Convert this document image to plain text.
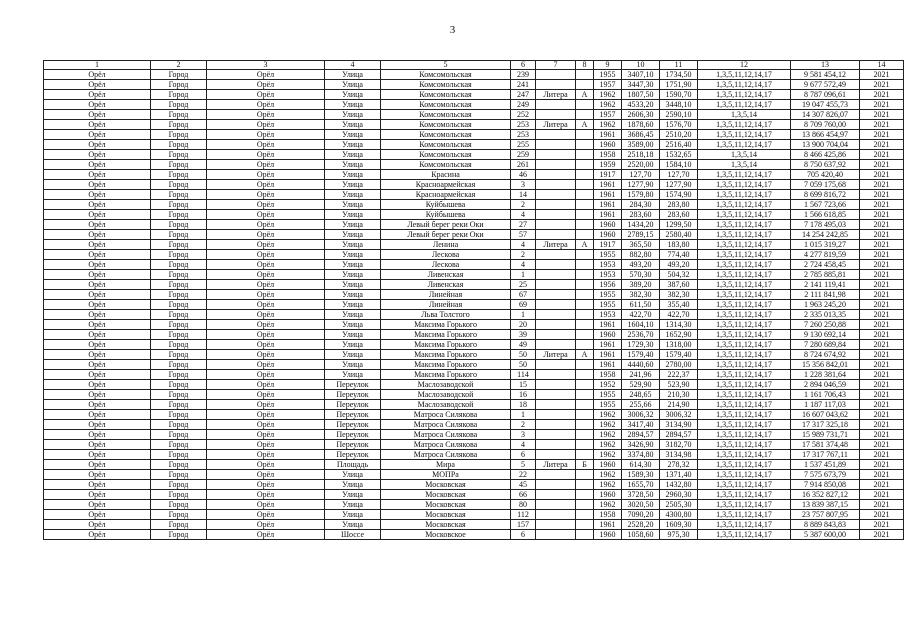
3
1	2	3	4	5	6	7	8	9	10	11	12	13	14
Орёл	Город	Орёл	Улица	Комсомольская	239			1955	3407,10	1734,50	1,3,5,11,12,14,17	9 581 454,12	2021
Орёл	Город	Орёл	Улица	Комсомольская	241			1957	3447,30	1751,90	1,3,5,11,12,14,17	9 677 572,49	2021
Орёл	Город	Орёл	Улица	Комсомольская	247	Литера	А	1962	1807,50	1590,70	1,3,5,11,12,14,17	8 787 096,61	2021
Орёл	Город	Орёл	Улица	Комсомольская	249			1962	4533,20	3448,10	1,3,5,11,12,14,17	19 047 455,73	2021
Орёл	Город	Орёл	Улица	Комсомольская	252			1957	2606,30	2590,10	1,3,5,14	14 307 826,07	2021
Орёл	Город	Орёл	Улица	Комсомольская	253	Литера	А	1962	1878,60	1576,70	1,3,5,11,12,14,17	8 709 760,00	2021
Орёл	Город	Орёл	Улица	Комсомольская	253			1961	3686,45	2510,20	1,3,5,11,12,14,17	13 866 454,97	2021
Орёл	Город	Орёл	Улица	Комсомольская	255			1960	3589,00	2516,40	1,3,5,11,12,14,17	13 900 704,04	2021
Орёл	Город	Орёл	Улица	Комсомольская	259			1958	2518,18	1532,65	1,3,5,14	8 466 425,86	2021
Орёл	Город	Орёл	Улица	Комсомольская	261			1959	2520,00	1584,10	1,3,5,14	8 750 637,92	2021
Орёл	Город	Орёл	Улица	Красина	46			1917	127,70	127,70	1,3,5,11,12,14,17	705 420,40	2021
Орёл	Город	Орёл	Улица	Красноармейская	3			1961	1277,90	1277,90	1,3,5,11,12,14,17	7 059 175,68	2021
Орёл	Город	Орёл	Улица	Красноармейская	14			1961	1579,80	1574,90	1,3,5,11,12,14,17	8 699 816,72	2021
Орёл	Город	Орёл	Улица	Куйбышева	2			1961	284,30	283,80	1,3,5,11,12,14,17	1 567 723,66	2021
Орёл	Город	Орёл	Улица	Куйбышева	4			1961	283,60	283,60	1,3,5,11,12,14,17	1 566 618,85	2021
Орёл	Город	Орёл	Улица	Левый берег реки Оки	27			1960	1434,20	1299,50	1,3,5,11,12,14,17	7 178 495,03	2021
Орёл	Город	Орёл	Улица	Левый берег реки Оки	57			1960	2789,15	2580,40	1,3,5,11,12,14,17	14 254 242,85	2021
Орёл	Город	Орёл	Улица	Ленина	4	Литера	А	1917	365,50	183,80	1,3,5,11,12,14,17	1 015 319,27	2021
Орёл	Город	Орёл	Улица	Лескова	2			1955	882,80	774,40	1,3,5,11,12,14,17	4 277 819,59	2021
Орёл	Город	Орёл	Улица	Лескова	4			1953	493,20	493,20	1,3,5,11,12,14,17	2 724 458,45	2021
Орёл	Город	Орёл	Улица	Ливенская	1			1953	570,30	504,32	1,3,5,11,12,14,17	2 785 885,81	2021
Орёл	Город	Орёл	Улица	Ливенская	25			1956	389,20	387,60	1,3,5,11,12,14,17	2 141 119,41	2021
Орёл	Город	Орёл	Улица	Линейная	67			1955	382,30	382,30	1,3,5,11,12,14,17	2 111 841,98	2021
Орёл	Город	Орёл	Улица	Линейная	69			1955	611,50	355,40	1,3,5,11,12,14,17	1 963 245,20	2021
Орёл	Город	Орёл	Улица	Льва Толстого	1			1953	422,70	422,70	1,3,5,11,12,14,17	2 335 013,35	2021
Орёл	Город	Орёл	Улица	Максима Горького	20			1961	1604,10	1314,30	1,3,5,11,12,14,17	7 260 250,88	2021
Орёл	Город	Орёл	Улица	Максима Горького	39			1960	2536,70	1652,90	1,3,5,11,12,14,17	9 130 692,14	2021
Орёл	Город	Орёл	Улица	Максима Горького	49			1961	1729,30	1318,00	1,3,5,11,12,14,17	7 280 689,84	2021
Орёл	Город	Орёл	Улица	Максима Горького	50	Литера	А	1961	1579,40	1579,40	1,3,5,11,12,14,17	8 724 674,92	2021
Орёл	Город	Орёл	Улица	Максима Горького	50			1961	4440,60	2780,00	1,3,5,11,12,14,17	15 356 842,01	2021
Орёл	Город	Орёл	Улица	Максима Горького	114			1958	241,96	222,37	1,3,5,11,12,14,17	1 228 381,64	2021
Орёл	Город	Орёл	Переулок	Маслозаводской	15			1952	529,90	523,90	1,3,5,11,12,14,17	2 894 046,59	2021
Орёл	Город	Орёл	Переулок	Маслозаводской	16			1955	248,65	210,30	1,3,5,11,12,14,17	1 161 706,43	2021
Орёл	Город	Орёл	Переулок	Маслозаводской	18			1955	255,66	214,90	1,3,5,11,12,14,17	1 187 117,03	2021
Орёл	Город	Орёл	Переулок	Матроса Силякова	1			1962	3006,32	3006,32	1,3,5,11,12,14,17	16 607 043,62	2021
Орёл	Город	Орёл	Переулок	Матроса Силякова	2			1962	3417,40	3134,90	1,3,5,11,12,14,17	17 317 325,18	2021
Орёл	Город	Орёл	Переулок	Матроса Силякова	3			1962	2894,57	2894,57	1,3,5,11,12,14,17	15 989 731,71	2021
Орёл	Город	Орёл	Переулок	Матроса Силякова	4			1962	3426,90	3182,70	1,3,5,11,12,14,17	17 581 374,48	2021
Орёл	Город	Орёл	Переулок	Матроса Силякова	6			1962	3374,80	3134,98	1,3,5,11,12,14,17	17 317 767,11	2021
Орёл	Город	Орёл	Площадь	Мира	5	Литера	Б	1960	614,30	278,32	1,3,5,11,12,14,17	1 537 451,89	2021
Орёл	Город	Орёл	Улица	МОПРа	22			1962	1589,30	1371,40	1,3,5,11,12,14,17	7 575 673,79	2021
Орёл	Город	Орёл	Улица	Московская	45			1962	1655,70	1432,80	1,3,5,11,12,14,17	7 914 850,08	2021
Орёл	Город	Орёл	Улица	Московская	66			1960	3728,50	2960,30	1,3,5,11,12,14,17	16 352 827,12	2021
Орёл	Город	Орёл	Улица	Московская	80			1962	3020,50	2505,30	1,3,5,11,12,14,17	13 839 387,15	2021
Орёл	Город	Орёл	Улица	Московская	112			1958	7090,20	4300,80	1,3,5,11,12,14,17	23 757 807,95	2021
Орёл	Город	Орёл	Улица	Московская	157			1961	2528,20	1609,30	1,3,5,11,12,14,17	8 889 843,83	2021
Орёл	Город	Орёл	Шоссе	Московское	6			1960	1058,60	975,30	1,3,5,11,12,14,17	5 387 600,00	2021
